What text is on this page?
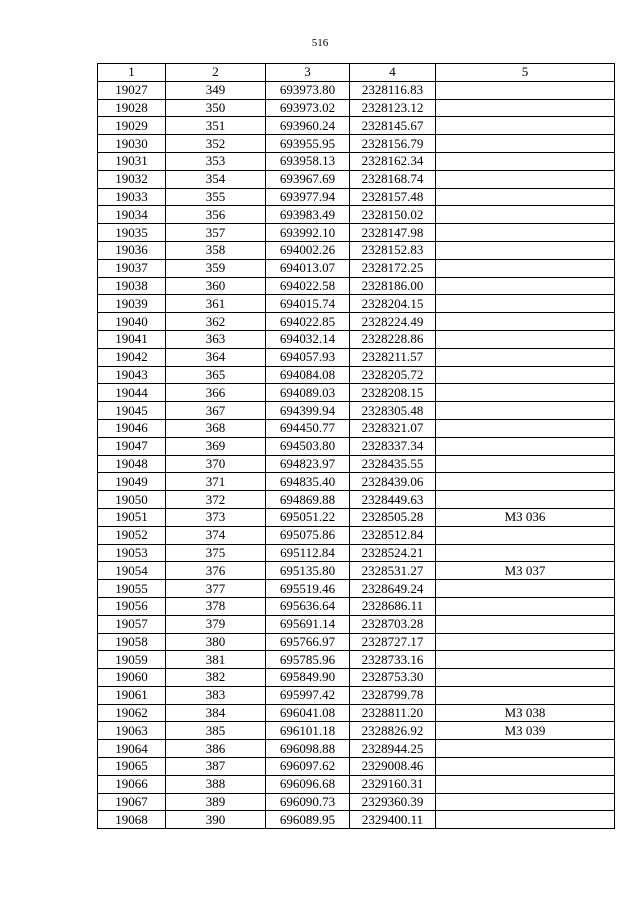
516
1	2	3	4	5
19027	349	693973.80	2328116.83	
19028	350	693973.02	2328123.12	
19029	351	693960.24	2328145.67	
19030	352	693955.95	2328156.79	
19031	353	693958.13	2328162.34	
19032	354	693967.69	2328168.74	
19033	355	693977.94	2328157.48	
19034	356	693983.49	2328150.02	
19035	357	693992.10	2328147.98	
19036	358	694002.26	2328152.83	
19037	359	694013.07	2328172.25	
19038	360	694022.58	2328186.00	
19039	361	694015.74	2328204.15	
19040	362	694022.85	2328224.49	
19041	363	694032.14	2328228.86	
19042	364	694057.93	2328211.57	
19043	365	694084.08	2328205.72	
19044	366	694089.03	2328208.15	
19045	367	694399.94	2328305.48	
19046	368	694450.77	2328321.07	
19047	369	694503.80	2328337.34	
19048	370	694823.97	2328435.55	
19049	371	694835.40	2328439.06	
19050	372	694869.88	2328449.63	
19051	373	695051.22	2328505.28	МЗ 036
19052	374	695075.86	2328512.84	
19053	375	695112.84	2328524.21	
19054	376	695135.80	2328531.27	МЗ 037
19055	377	695519.46	2328649.24	
19056	378	695636.64	2328686.11	
19057	379	695691.14	2328703.28	
19058	380	695766.97	2328727.17	
19059	381	695785.96	2328733.16	
19060	382	695849.90	2328753.30	
19061	383	695997.42	2328799.78	
19062	384	696041.08	2328811.20	МЗ 038
19063	385	696101.18	2328826.92	МЗ 039
19064	386	696098.88	2328944.25	
19065	387	696097.62	2329008.46	
19066	388	696096.68	2329160.31	
19067	389	696090.73	2329360.39	
19068	390	696089.95	2329400.11	
